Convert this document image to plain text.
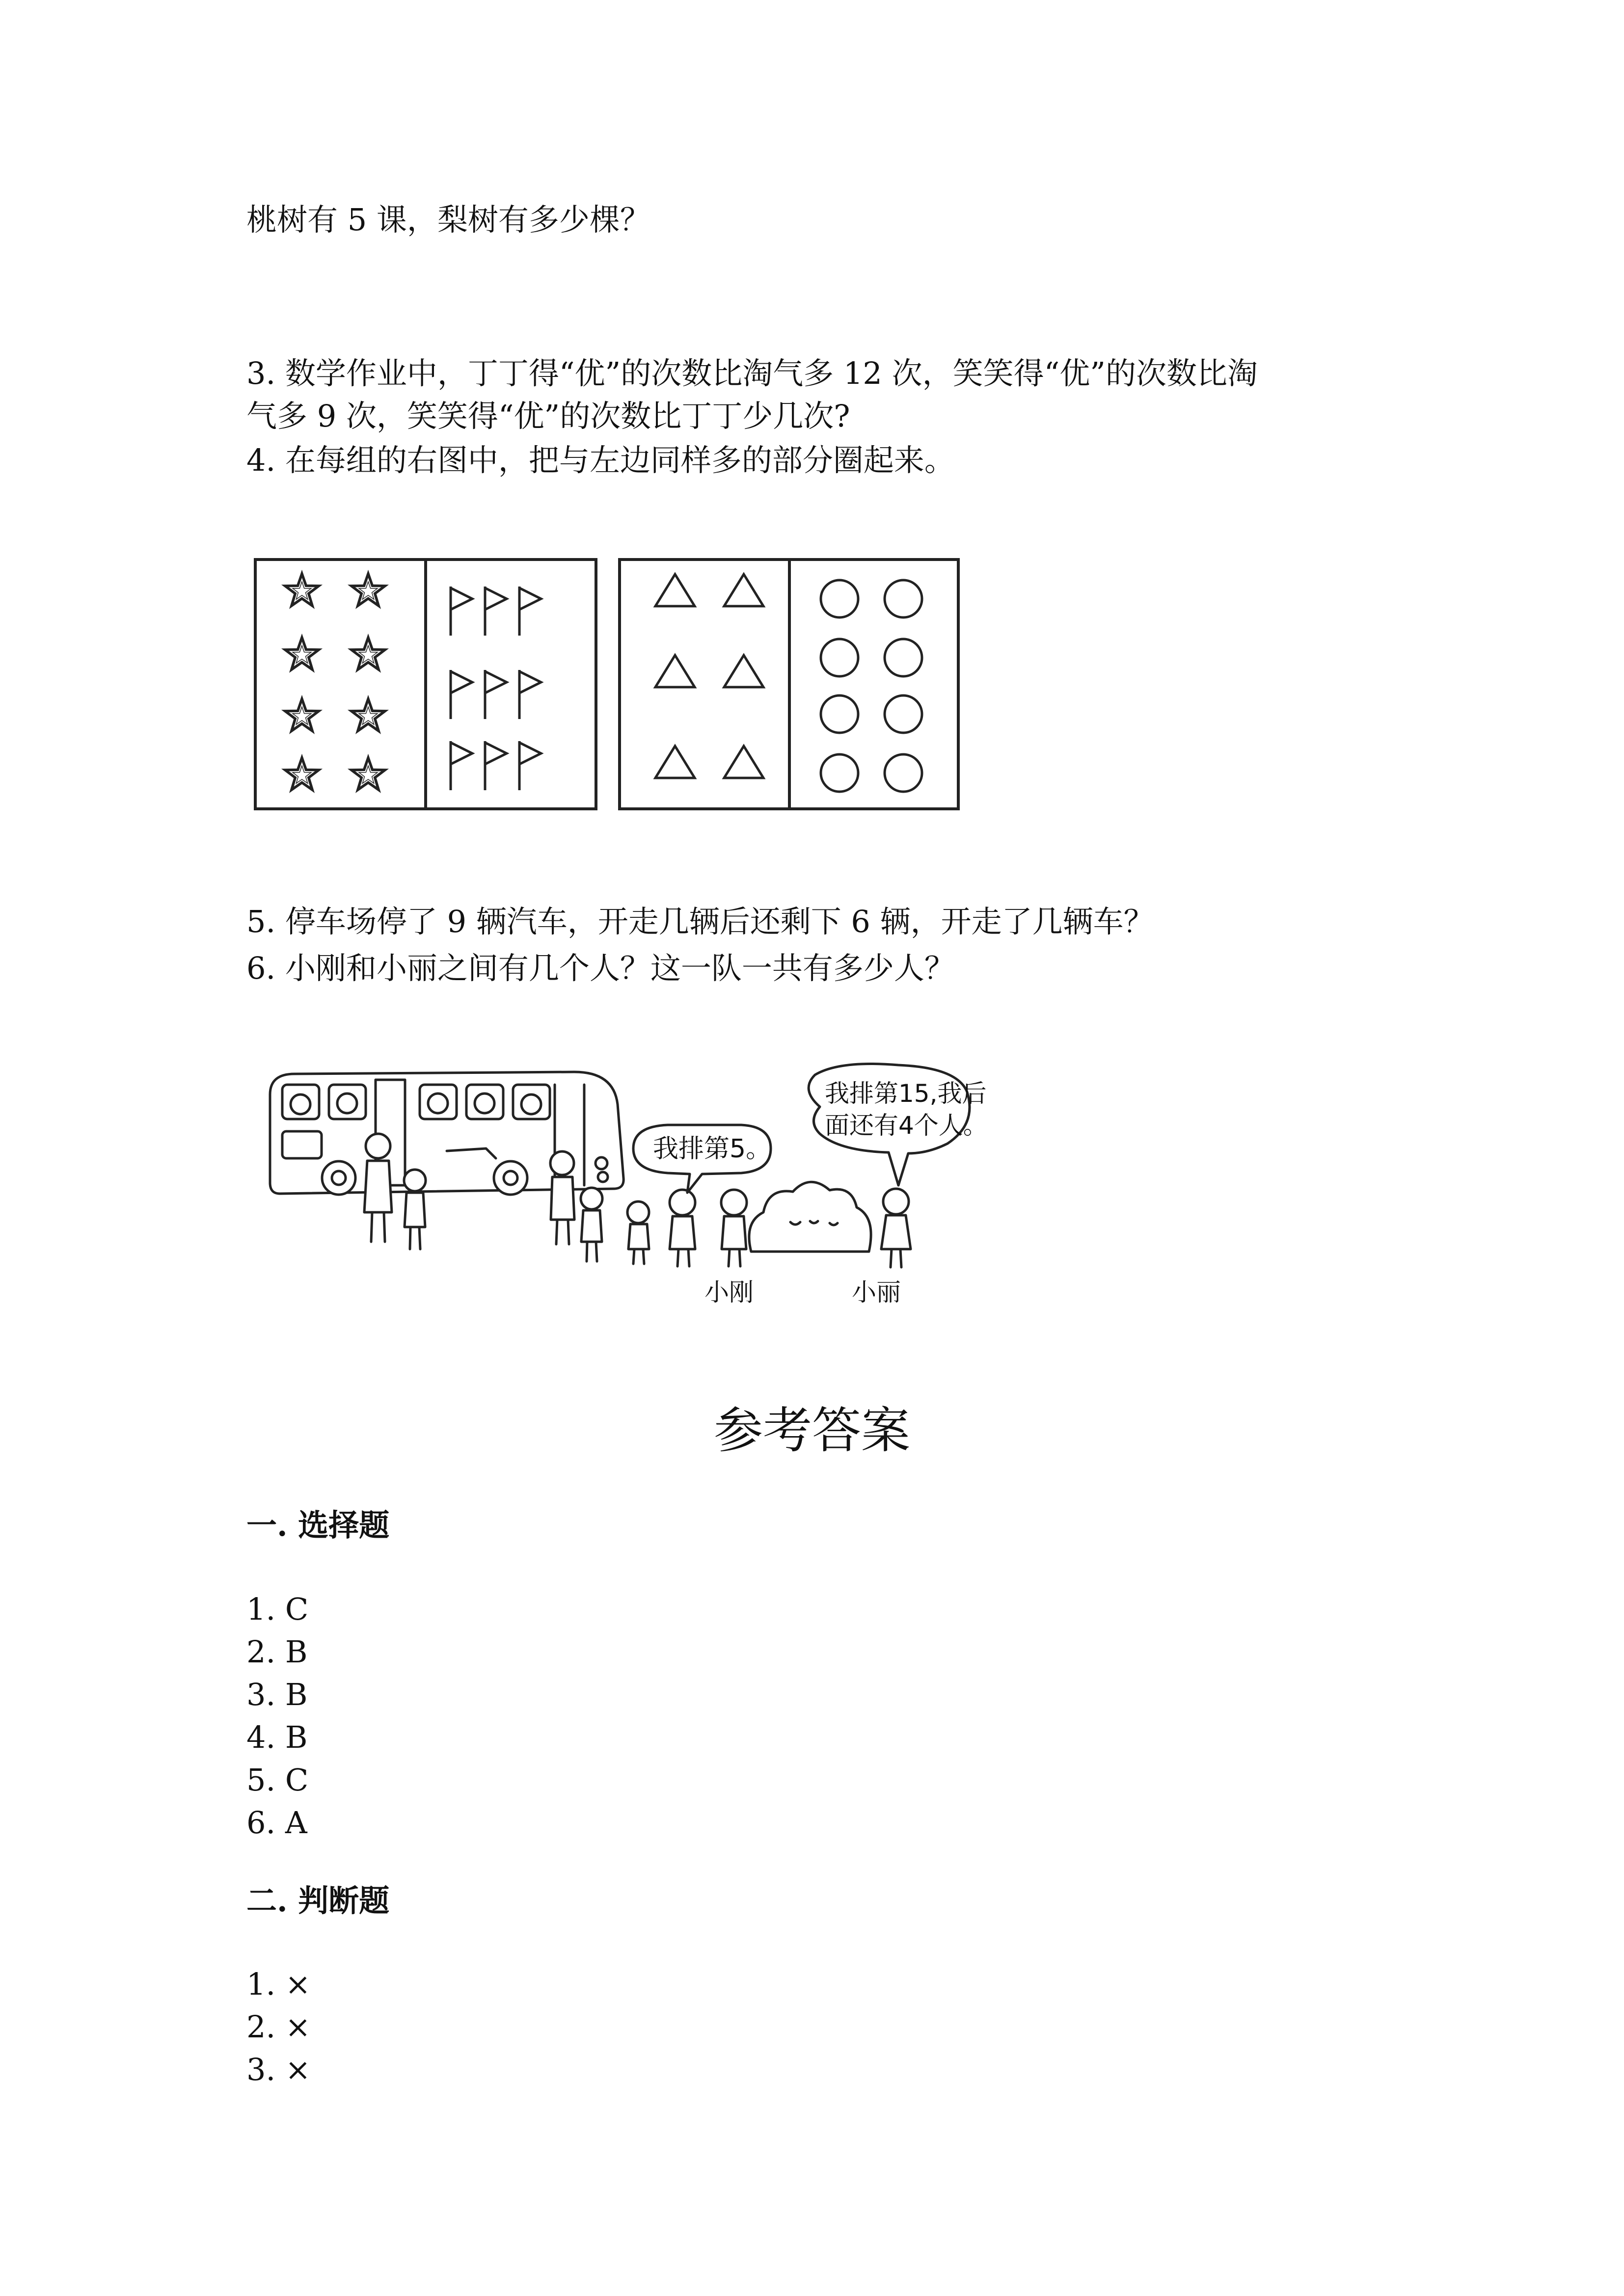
桃树有 5 课，梨树有多少棵？
3. 数学作业中，丁丁得“优”的次数比淘气多 12 次，笑笑得“优”的次数比淘
气多 9 次，笑笑得“优”的次数比丁丁少几次?
4. 在每组的右图中，把与左边同样多的部分圈起来。
5. 停车场停了 9 辆汽车，开走几辆后还剩下 6 辆，开走了几辆车？
6. 小刚和小丽之间有几个人？这一队一共有多少人？
我排第5。
我排第15,我后
面还有4个人。
小刚	小丽
参考答案
一. 选择题
1. C
2. B
3. B
4. B
5. C
6. A
二. 判断题
1. ×
2. ×
3. ×
